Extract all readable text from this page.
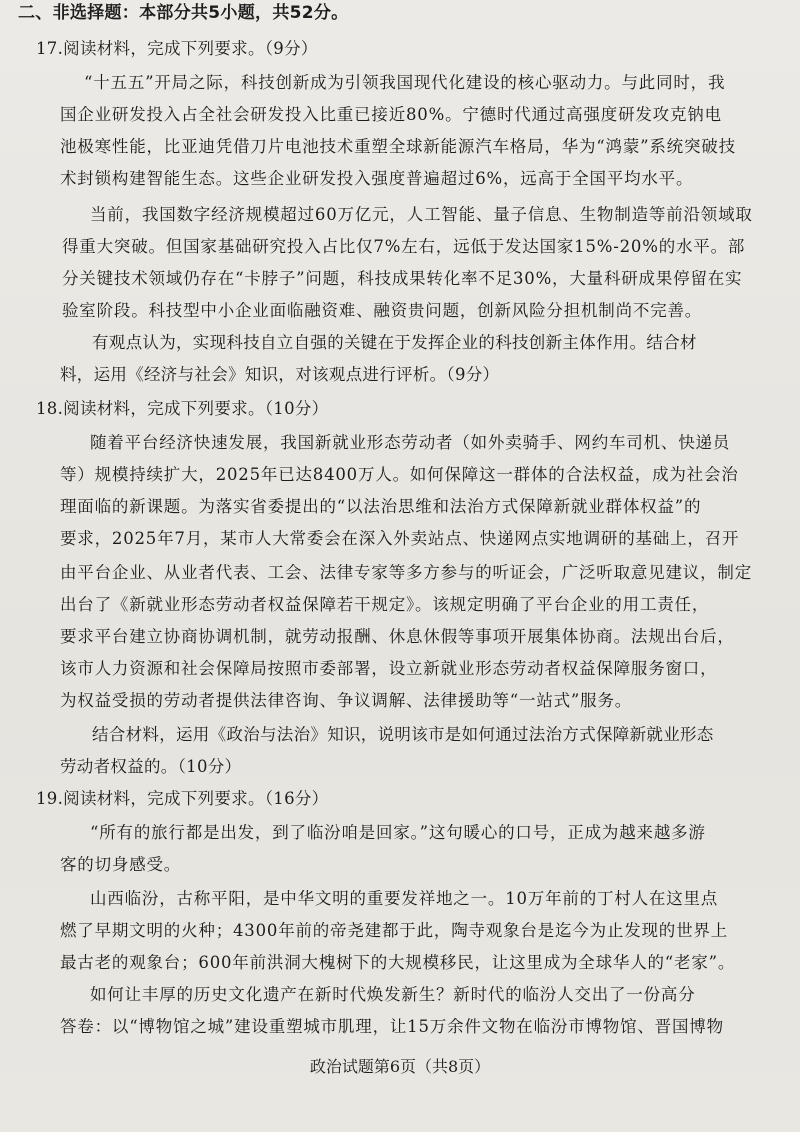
二、非选择题：本部分共5小题，共52分。
17.阅读材料，完成下列要求。（9分）
“十五五”开局之际，科技创新成为引领我国现代化建设的核心驱动力。与此同时，我
国企业研发投入占全社会研发投入比重已接近80%。宁德时代通过高强度研发攻克钠电
池极寒性能，比亚迪凭借刀片电池技术重塑全球新能源汽车格局，华为“鸿蒙”系统突破技
术封锁构建智能生态。这些企业研发投入强度普遍超过6%，远高于全国平均水平。
当前，我国数字经济规模超过60万亿元，人工智能、量子信息、生物制造等前沿领域取
得重大突破。但国家基础研究投入占比仅7%左右，远低于发达国家15%-20%的水平。部
分关键技术领域仍存在“卡脖子”问题，科技成果转化率不足30%，大量科研成果停留在实
验室阶段。科技型中小企业面临融资难、融资贵问题，创新风险分担机制尚不完善。
有观点认为，实现科技自立自强的关键在于发挥企业的科技创新主体作用。结合材
料，运用《经济与社会》知识，对该观点进行评析。（9分）
18.阅读材料，完成下列要求。（10分）
随着平台经济快速发展，我国新就业形态劳动者（如外卖骑手、网约车司机、快递员
等）规模持续扩大，2025年已达8400万人。如何保障这一群体的合法权益，成为社会治
理面临的新课题。为落实省委提出的“以法治思维和法治方式保障新就业群体权益”的
要求，2025年7月，某市人大常委会在深入外卖站点、快递网点实地调研的基础上，召开
由平台企业、从业者代表、工会、法律专家等多方参与的听证会，广泛听取意见建议，制定
出台了《新就业形态劳动者权益保障若干规定》。该规定明确了平台企业的用工责任，
要求平台建立协商协调机制，就劳动报酬、休息休假等事项开展集体协商。法规出台后，
该市人力资源和社会保障局按照市委部署，设立新就业形态劳动者权益保障服务窗口，
为权益受损的劳动者提供法律咨询、争议调解、法律援助等“一站式”服务。
结合材料，运用《政治与法治》知识，说明该市是如何通过法治方式保障新就业形态
劳动者权益的。（10分）
19.阅读材料，完成下列要求。（16分）
“所有的旅行都是出发，到了临汾咱是回家。”这句暖心的口号，正成为越来越多游
客的切身感受。
山西临汾，古称平阳，是中华文明的重要发祥地之一。10万年前的丁村人在这里点
燃了早期文明的火种；4300年前的帝尧建都于此，陶寺观象台是迄今为止发现的世界上
最古老的观象台；600年前洪洞大槐树下的大规模移民，让这里成为全球华人的“老家”。
如何让丰厚的历史文化遗产在新时代焕发新生？新时代的临汾人交出了一份高分
答卷：以“博物馆之城”建设重塑城市肌理，让15万余件文物在临汾市博物馆、晋国博物
政治试题第6页（共8页）
